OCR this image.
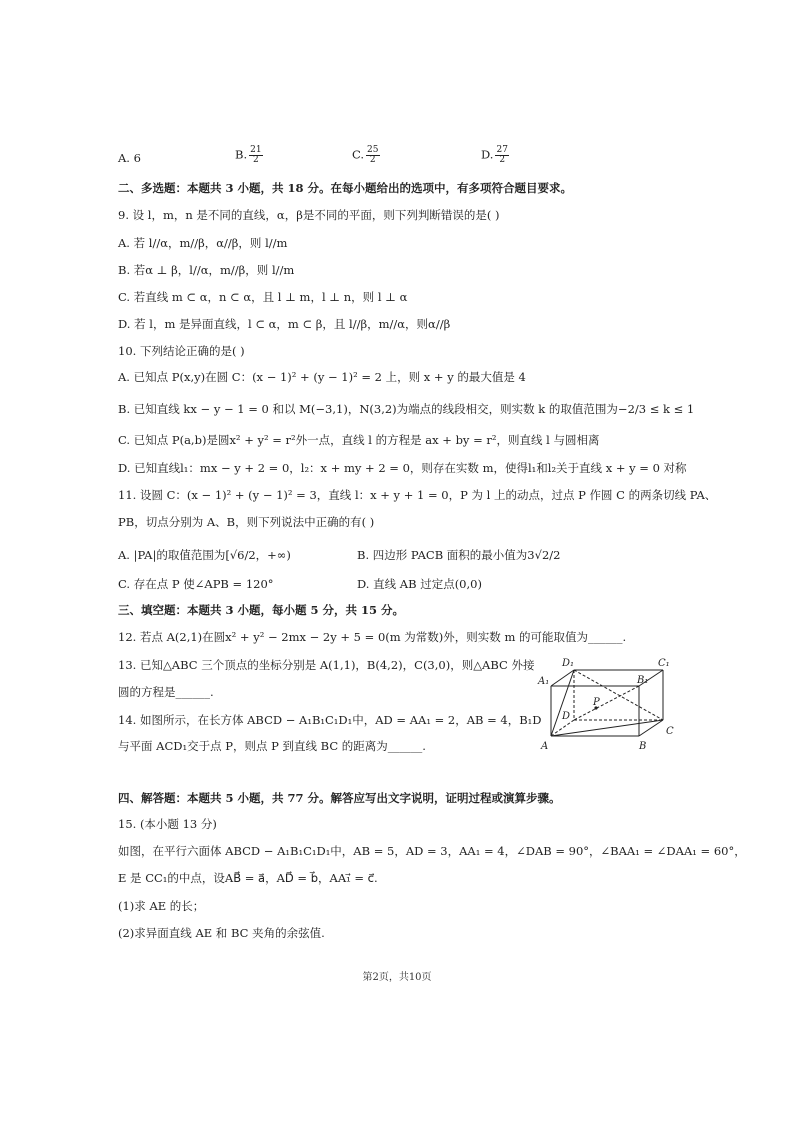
A. 6	B. $\frac{21}{2}$	C. $\frac{25}{2}$	D. $\frac{27}{2}$
二、多选题：本题共 3 小题，共 18 分。在每小题给出的选项中，有多项符合题目要求。
9. 设 l，m，n 是不同的直线，α，β是不同的平面，则下列判断错误的是( )
A. 若 l//α，m//β，α//β，则 l//m
B. 若α ⊥ β，l//α，m//β，则 l//m
C. 若直线 m ⊂ α，n ⊂ α，且 l ⊥ m，l ⊥ n，则 l ⊥ α
D. 若 l，m 是异面直线，l ⊂ α，m ⊂ β，且 l//β，m//α，则α//β
10. 下列结论正确的是( )
A. 已知点 P(x,y)在圆 C：(x − 1)² + (y − 1)² = 2 上，则 x + y 的最大值是 4
B. 已知直线 kx − y − 1 = 0 和以 M(−3,1)，N(3,2)为端点的线段相交，则实数 k 的取值范围为−2/3 ≤ k ≤ 1
C. 已知点 P(a,b)是圆x² + y² = r²外一点，直线 l 的方程是 ax + by = r²，则直线 l 与圆相离
D. 已知直线l₁：mx − y + 2 = 0，l₂：x + my + 2 = 0，则存在实数 m，使得l₁和l₂关于直线 x + y = 0 对称
11. 设圆 C：(x − 1)² + (y − 1)² = 3，直线 l：x + y + 1 = 0，P 为 l 上的动点，过点 P 作圆 C 的两条切线 PA、
PB，切点分别为 A、B，则下列说法中正确的有( )
A. |PA|的取值范围为[√6/2，+∞)	B. 四边形 PACB 面积的最小值为3√2/2
C. 存在点 P 使∠APB = 120°	D. 直线 AB 过定点(0,0)
三、填空题：本题共 3 小题，每小题 5 分，共 15 分。
12. 若点 A(2,1)在圆x² + y² − 2mx − 2y + 5 = 0(m 为常数)外，则实数 m 的可能取值为______.
13. 已知△ABC 三个顶点的坐标分别是 A(1,1)，B(4,2)，C(3,0)，则△ABC 外接
圆的方程是______.
14. 如图所示，在长方体 ABCD − A₁B₁C₁D₁中，AD = AA₁ = 2，AB = 4，B₁D
与平面 ACD₁交于点 P，则点 P 到直线 BC 的距离为______.
D₁	C₁
A₁	B₁
P
D
C
A	B
四、解答题：本题共 5 小题，共 77 分。解答应写出文字说明，证明过程或演算步骤。
15. (本小题 13 分)
如图，在平行六面体 ABCD − A₁B₁C₁D₁中，AB = 5，AD = 3，AA₁ = 4，∠DAB = 90°，∠BAA₁ = ∠DAA₁ = 60°，
E 是 CC₁的中点，设AB⃗ = a⃗，AD⃗ = b⃗，AA₁⃗ = c⃗.
(1)求 AE 的长；
(2)求异面直线 AE 和 BC 夹角的余弦值.
第2页，共10页
